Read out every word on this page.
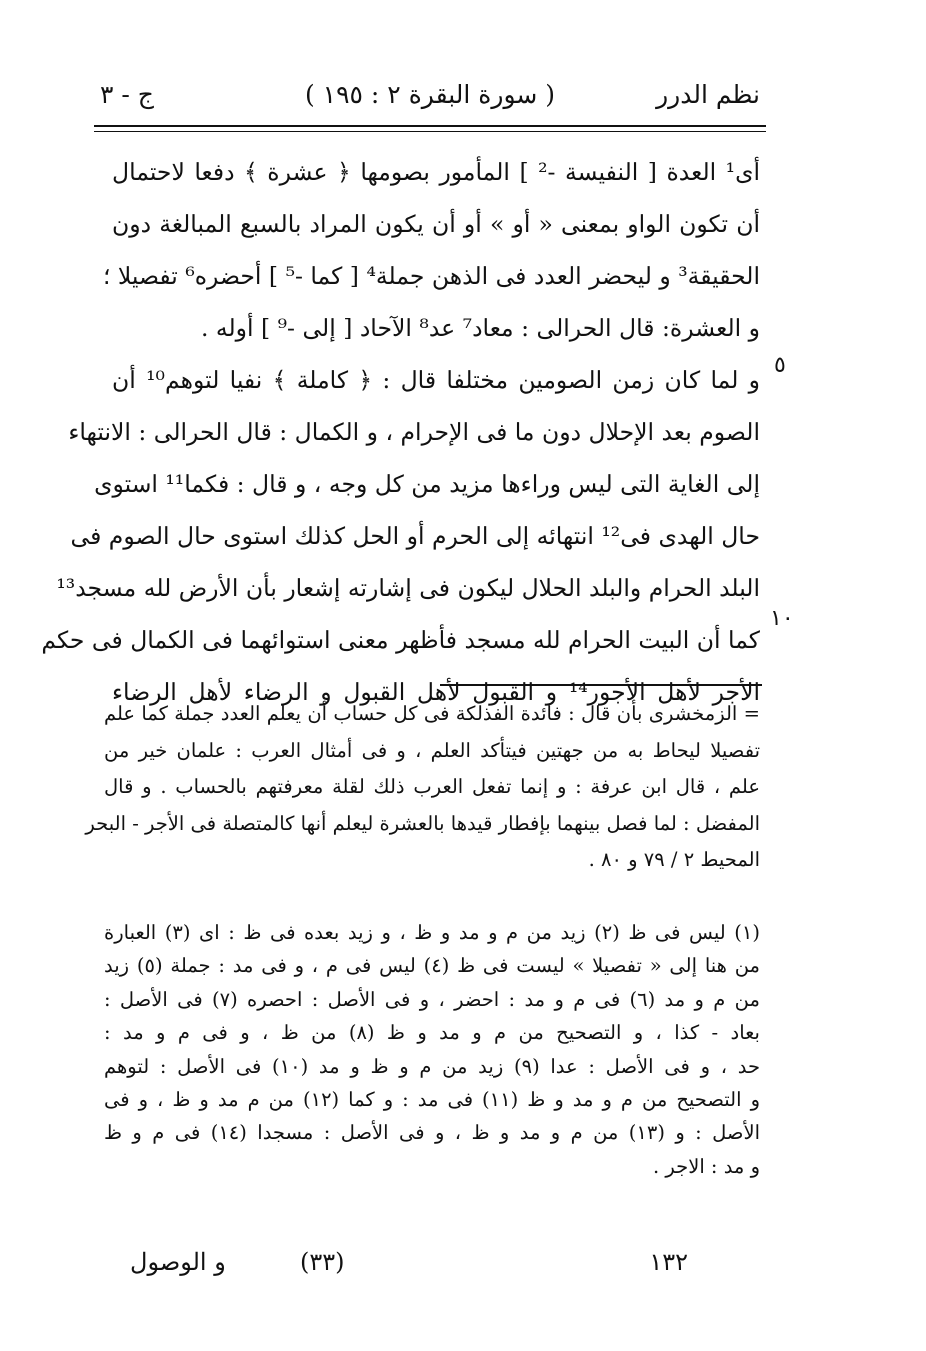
نظم الدرر
( سورة البقرة ٢ : ١٩٥ )
ج - ٣
أى¹ العدة [ النفيسة -² ] المأمور بصومها ﴿ عشرة ﴾ دفعا لاحتمال
أن تكون الواو بمعنى « أو » أو أن يكون المراد بالسبع المبالغة دون
الحقيقة³ و ليحضر العدد فى الذهن جملة⁴ [ كما -⁵ ] أحضره⁶ تفصيلا ؛
و العشرة: قال الحرالى : معاد⁷ عد⁸ الآحاد [ إلى -⁹ ] أوله .
و لما كان زمن الصومين مختلفا قال : ﴿ كاملة ﴾ نفيا لتوهم¹⁰ أن
الصوم بعد الإحلال دون ما فى الإحرام ، و الكمال : قال الحرالى : الانتهاء
إلى الغاية التى ليس وراءها مزيد من كل وجه ، و قال : فكما¹¹ استوى
حال الهدى فى¹² انتهائه إلى الحرم أو الحل كذلك استوى حال الصوم فى
البلد الحرام والبلد الحلال ليكون فى إشارته إشعار بأن الأرض لله مسجد¹³
كما أن البيت الحرام لله مسجد فأظهر معنى استوائهما فى الكمال فى حكم
الأجر لأهل الأجور¹⁴ و القبول لأهل القبول و الرضاء لأهل الرضاء
٥
١٠
= الزمخشرى بأن قال : فائدة الفذلكة فى كل حساب أن يعلم العدد جملة كما علم
تفصيلا ليحاط به من جهتين فيتأكد العلم ، و فى أمثال العرب : علمان خير من
علم ، قال ابن عرفة : و إنما تفعل العرب ذلك لقلة معرفتهم بالحساب . و قال
المفضل : لما فصل بينهما بإفطار قيدها بالعشرة ليعلم أنها كالمتصلة فى الأجر - البحر
المحيط ٢ / ٧٩ و ٨٠ .
(١) ليس فى ظ (٢) زيد من م و مد و ظ ، و زيد بعده فى ظ : اى (٣) العبارة
من هنا إلى « تفصيلا » ليست فى ظ (٤) ليس فى م ، و فى مد : جملة (٥) زيد
من م و مد (٦) فى م و مد : احضر ، و فى الأصل : احصره (٧) فى الأصل :
بعاد - كذا ، و التصحيح من م و مد و ظ (٨) من ظ ، و فى م و مد :
حد ، و فى الأصل : عدا (٩) زيد من م و ظ و مد (١٠) فى الأصل : لتوهم
و التصحيح من م و مد و ظ (١١) فى مد : و كما (١٢) من م مد و ظ ، و فى
الأصل : و (١٣) من م و مد و ظ ، و فى الأصل : مسجدا (١٤) فى م و ظ
و مد : الاجر .
١٣٢
(٣٣)
و الوصول
